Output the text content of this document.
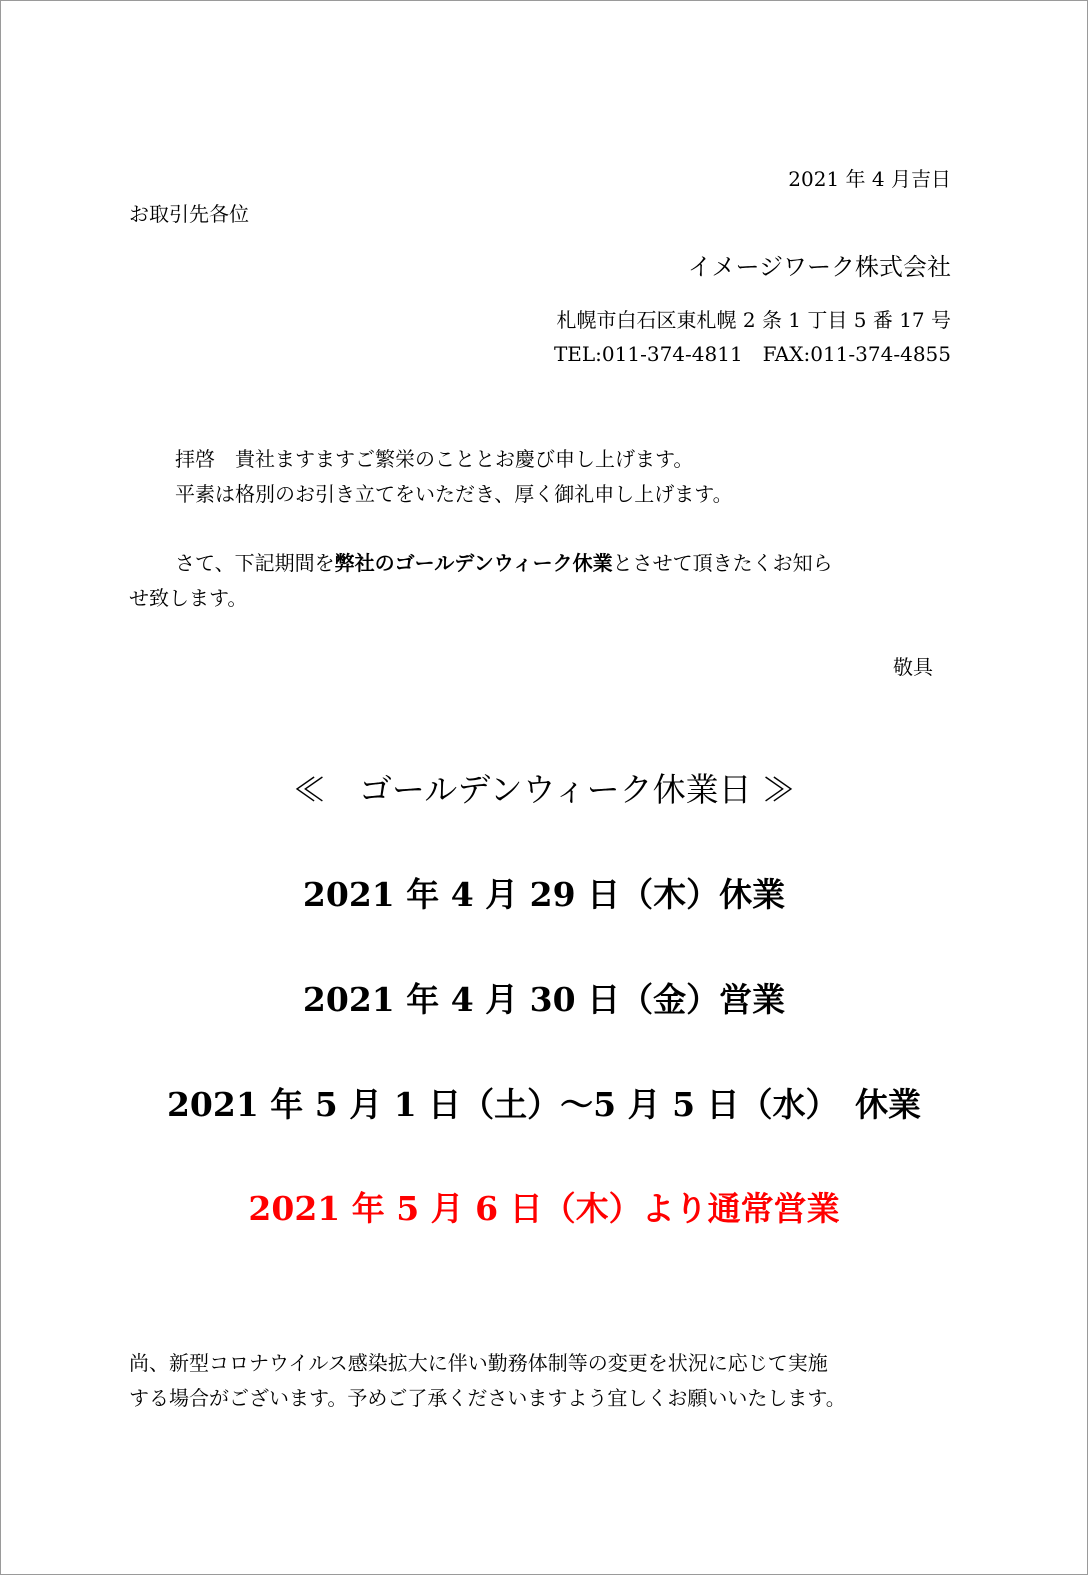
2021 年 4 月吉日

お取引先各位

イメージワーク株式会社

札幌市白石区東札幌 2 条 1 丁目 5 番 17 号

TEL:011-374-4811　FAX:011-374-4855

拝啓　貴社ますますご繁栄のこととお慶び申し上げます。

平素は格別のお引き立てをいただき、厚く御礼申し上げます。

さて、下記期間を弊社のゴールデンウィーク休業とさせて頂きたくお知ら

せ致します。

敬具

≪　ゴールデンウィーク休業日 ≫

2021 年 4 月 29 日（木）休業

2021 年 4 月 30 日（金）営業

2021 年 5 月 1 日（土）～5 月 5 日（水）　休業

2021 年 5 月 6 日（木）より通常営業

尚、新型コロナウイルス感染拡大に伴い勤務体制等の変更を状況に応じて実施

する場合がございます。予めご了承くださいますよう宜しくお願いいたします。
